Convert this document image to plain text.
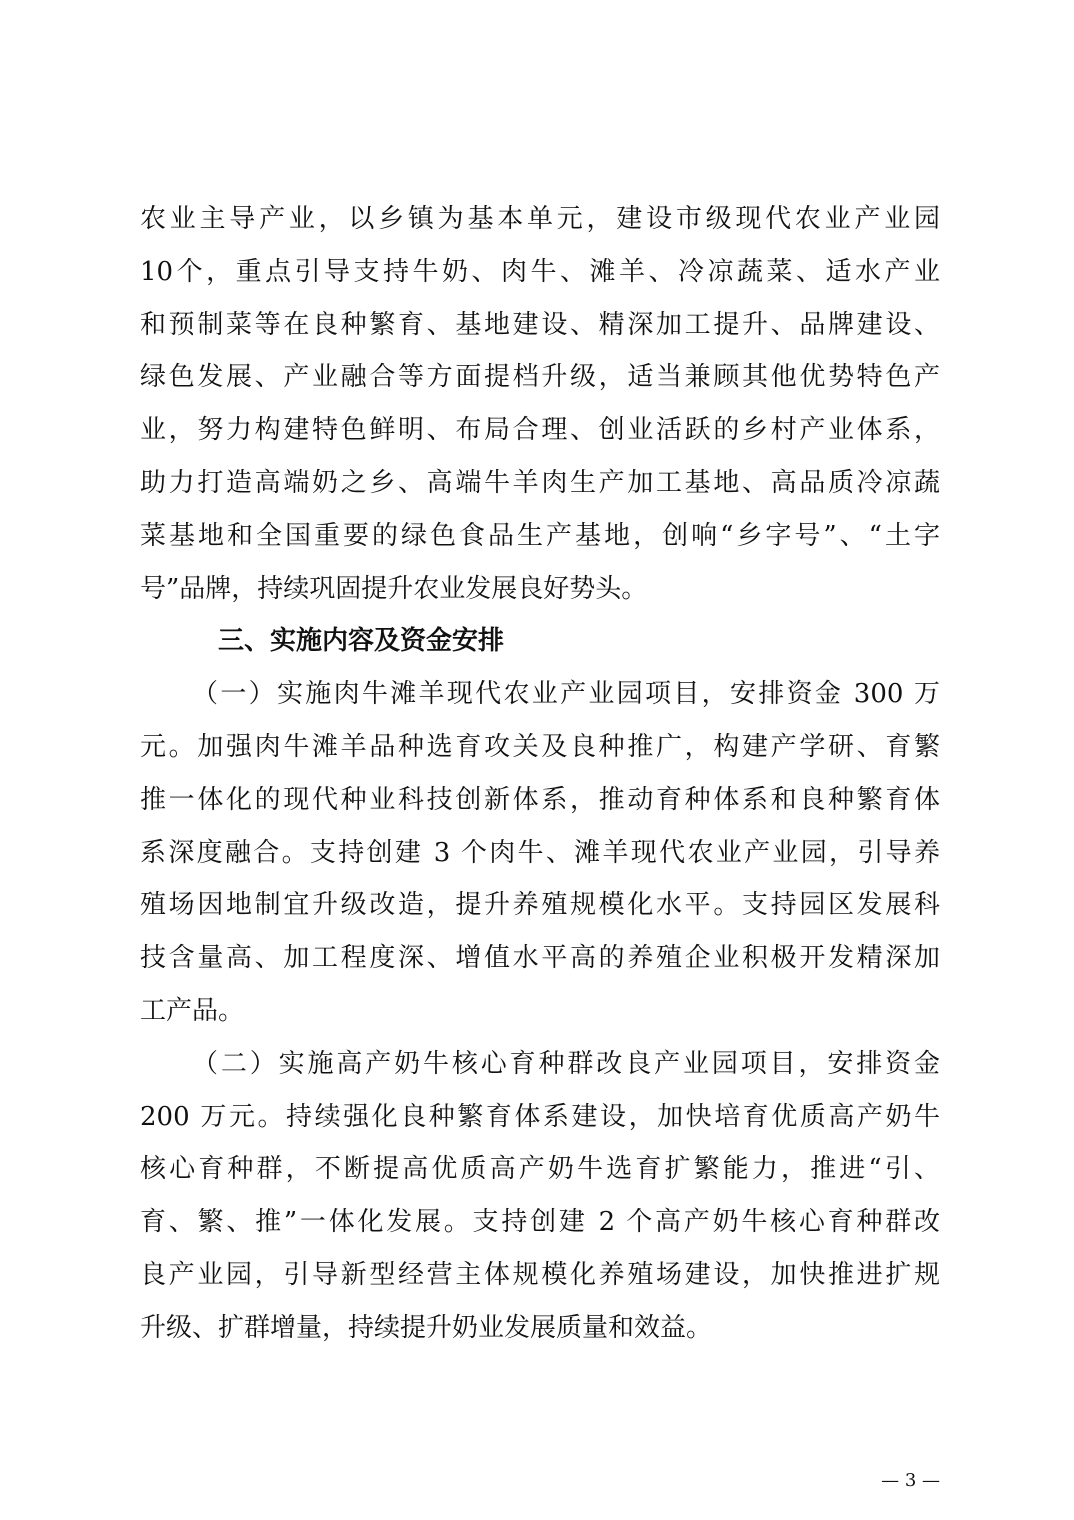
农业主导产业，以乡镇为基本单元，建设市级现代农业产业园
10个，重点引导支持牛奶、肉牛、滩羊、冷凉蔬菜、适水产业
和预制菜等在良种繁育、基地建设、精深加工提升、品牌建设、
绿色发展、产业融合等方面提档升级，适当兼顾其他优势特色产
业，努力构建特色鲜明、布局合理、创业活跃的乡村产业体系，
助力打造高端奶之乡、高端牛羊肉生产加工基地、高品质冷凉蔬
菜基地和全国重要的绿色食品生产基地，创响“乡字号”、“土字
号”品牌，持续巩固提升农业发展良好势头。
三、实施内容及资金安排
（一）实施肉牛滩羊现代农业产业园项目，安排资金 300 万
元。加强肉牛滩羊品种选育攻关及良种推广，构建产学研、育繁
推一体化的现代种业科技创新体系，推动育种体系和良种繁育体
系深度融合。支持创建 3 个肉牛、滩羊现代农业产业园，引导养
殖场因地制宜升级改造，提升养殖规模化水平。支持园区发展科
技含量高、加工程度深、增值水平高的养殖企业积极开发精深加
工产品。
（二）实施高产奶牛核心育种群改良产业园项目，安排资金
200 万元。持续强化良种繁育体系建设，加快培育优质高产奶牛
核心育种群，不断提高优质高产奶牛选育扩繁能力，推进“引、
育、繁、推”一体化发展。支持创建 2 个高产奶牛核心育种群改
良产业园，引导新型经营主体规模化养殖场建设，加快推进扩规
升级、扩群增量，持续提升奶业发展质量和效益。
— 3 —
